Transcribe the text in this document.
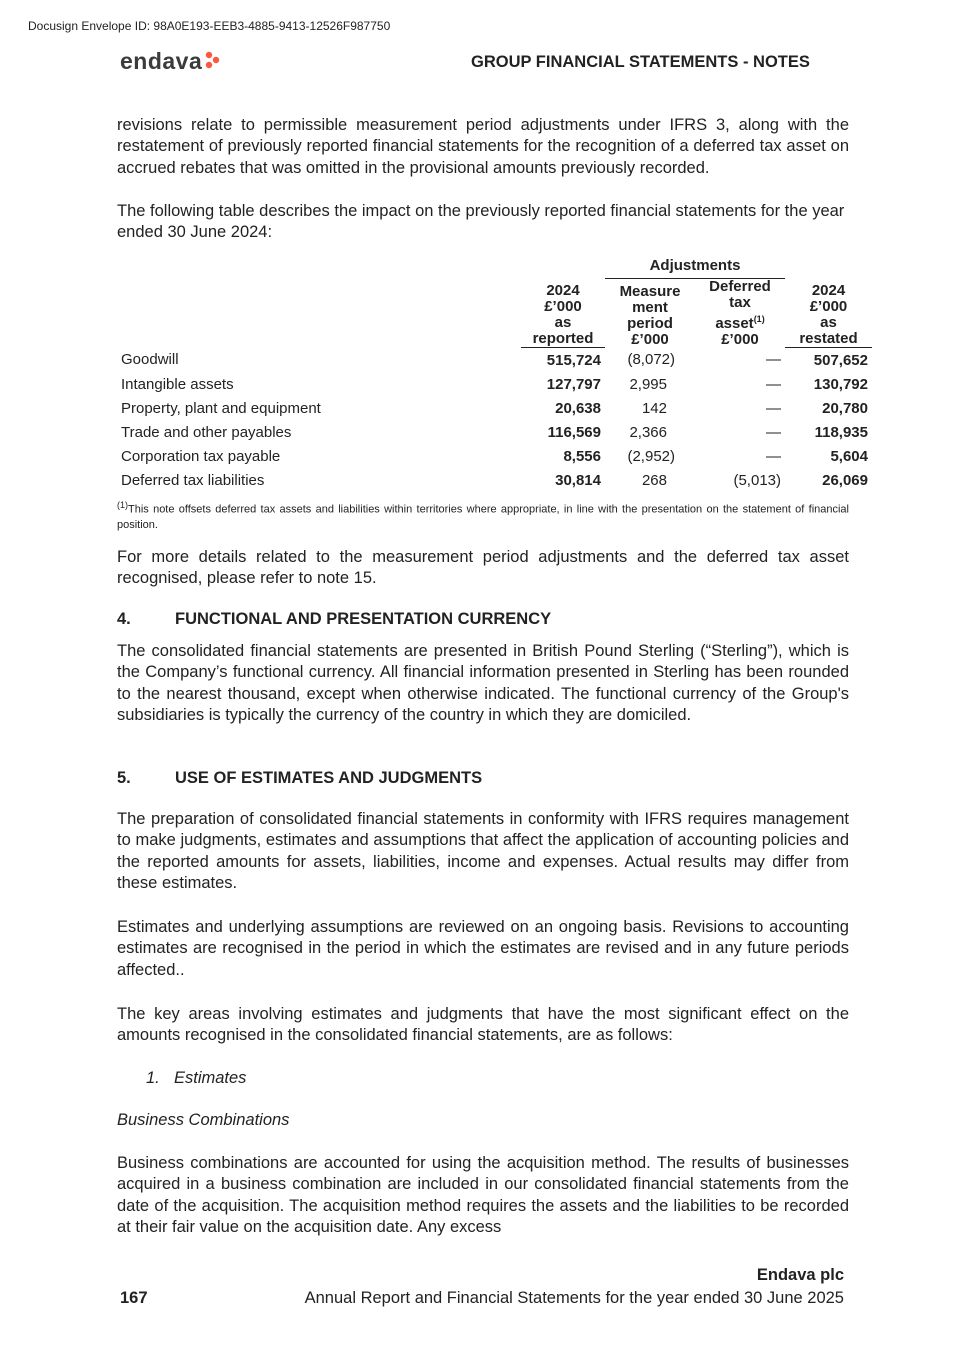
Docusign Envelope ID: 98A0E193-EEB3-4885-9413-12526F987750
endava	GROUP FINANCIAL STATEMENTS - NOTES

revisions relate to permissible measurement period adjustments under IFRS 3, along with the restatement of previously reported financial statements for the recognition of a deferred tax asset on accrued rebates that was omitted in the provisional amounts previously recorded.

The following table describes the impact on the previously reported financial statements for the year ended 30 June 2024:

		Adjustments		
	2024
£’000
as
reported	Measure
ment
period
£’000	Deferred
tax
asset$^{(1)}$
£’000	2024
£’000
as
restated
Goodwill	515,724	(8,072)	—	507,652
Intangible assets	127,797	2,995	—	130,792
Property, plant and equipment	20,638	142	—	20,780
Trade and other payables	116,569	2,366	—	118,935
Corporation tax payable	8,556	(2,952)	—	5,604
Deferred tax liabilities	30,814	268	(5,013)	26,069
$^{(1)}$This note offsets deferred tax assets and liabilities within territories where appropriate, in line with the presentation on the statement of financial position.
For more details related to the measurement period adjustments and the deferred tax asset recognised, please refer to note 15.
4.	FUNCTIONAL AND PRESENTATION CURRENCY
The consolidated financial statements are presented in British Pound Sterling (“Sterling”), which is the Company’s functional currency. All financial information presented in Sterling has been rounded to the nearest thousand, except when otherwise indicated. The functional currency of the Group's subsidiaries is typically the currency of the country in which they are domiciled.
5.	USE OF ESTIMATES AND JUDGMENTS
The preparation of consolidated financial statements in conformity with IFRS requires management to make judgments, estimates and assumptions that affect the application of accounting policies and the reported amounts for assets, liabilities, income and expenses. Actual results may differ from these estimates.
Estimates and underlying assumptions are reviewed on an ongoing basis. Revisions to accounting estimates are recognised in the period in which the estimates are revised and in any future periods affected..
The key areas involving estimates and judgments that have the most significant effect on the amounts recognised in the consolidated financial statements, are as follows:
1. Estimates
Business Combinations
Business combinations are accounted for using the acquisition method. The results of businesses acquired in a business combination are included in our consolidated financial statements from the date of the acquisition. The acquisition method requires the assets and the liabilities to be recorded at their fair value on the acquisition date. Any excess
Endava plc
167	Annual Report and Financial Statements for the year ended 30 June 2025
